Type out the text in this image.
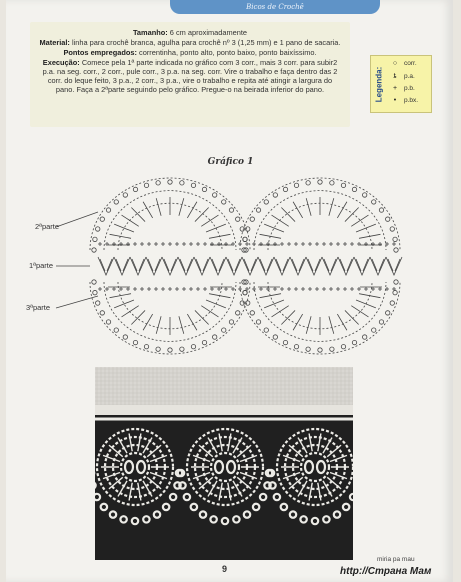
Bicos de Crochê

Tamanho: 6 cm aproximadamente

Material: linha para crochê branca, agulha para crochê nº 3 (1,25 mm) e 1 pano de sacaria.

Pontos empregados: correntinha, ponto alto, ponto baixo, ponto baixíssimo.

Execução: Comece pela 1ª parte indicada no gráfico com 3 corr., mais 3 corr. para subir2 p.a. na seg. corr., 2 corr., pule corr., 3 p.a. na seg. corr. Vire o trabalho e faça dentro das 2 corr. do leque feito, 3 p.a., 2 corr., 3 p.a., vire o trabalho e repita até atingir a largura do pano. Faça a 2ªparte seguindo pelo gráfico. Pregue-o na beirada inferior do pano.	Legenda:
○	corr.
ȶ	p.a.
+	p.b.
•	p.bx.
Gráfico 1
2ªparte
1ªparte
3ªparte
miria pa mau
9	http://Страна Мам
